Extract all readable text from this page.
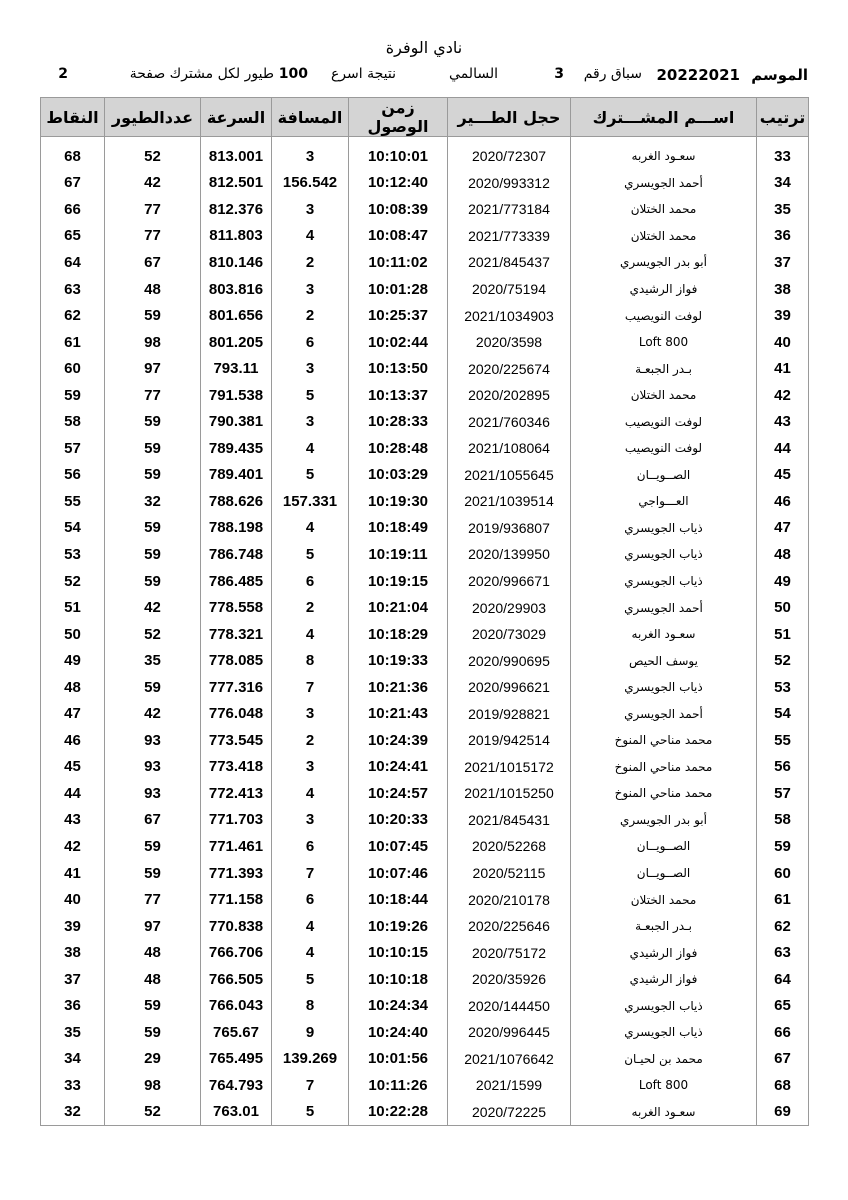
نادي الوفرة
الموسم
20222021
سباق رقم
3
السالمي
نتيجة اسرع
100
طيور لكل مشترك صفحة
2
ترتيب	اســـم المشـــترك	حجل الطـــير	زمن الوصول	المسافة	السرعة	عددالطيور	النقاط

33	سعـود الغربه	2020/72307	10:10:01	3	813.001	52	68
34	أحمد الجويسري	2020/993312	10:12:40	156.542	812.501	42	67
35	محمد الختلان	2021/773184	10:08:39	3	812.376	77	66
36	محمد الختلان	2021/773339	10:08:47	4	811.803	77	65
37	أبو بدر الجويسري	2021/845437	10:11:02	2	810.146	67	64
38	فواز الرشيدي	2020/75194	10:01:28	3	803.816	48	63
39	لوفت النويصيب	2021/1034903	10:25:37	2	801.656	59	62
40	Loft 800	2020/3598	10:02:44	6	801.205	98	61
41	بـدر الجبعـة	2020/225674	10:13:50	3	793.11	97	60
42	محمد الختلان	2020/202895	10:13:37	5	791.538	77	59
43	لوفت النويصيب	2021/760346	10:28:33	3	790.381	59	58
44	لوفت النويصيب	2021/108064	10:28:48	4	789.435	59	57
45	الصــويــان	2021/1055645	10:03:29	5	789.401	59	56
46	العـــواجي	2021/1039514	10:19:30	157.331	788.626	32	55
47	ذياب الجويسري	2019/936807	10:18:49	4	788.198	59	54
48	ذياب الجويسري	2020/139950	10:19:11	5	786.748	59	53
49	ذياب الجويسري	2020/996671	10:19:15	6	786.485	59	52
50	أحمد الجويسري	2020/29903	10:21:04	2	778.558	42	51
51	سعـود الغربه	2020/73029	10:18:29	4	778.321	52	50
52	يوسف الحيص	2020/990695	10:19:33	8	778.085	35	49
53	ذياب الجويسري	2020/996621	10:21:36	7	777.316	59	48
54	أحمد الجويسري	2019/928821	10:21:43	3	776.048	42	47
55	محمد مناحي المنوخ	2019/942514	10:24:39	2	773.545	93	46
56	محمد مناحي المنوخ	2021/1015172	10:24:41	3	773.418	93	45
57	محمد مناحي المنوخ	2021/1015250	10:24:57	4	772.413	93	44
58	أبو بدر الجويسري	2021/845431	10:20:33	3	771.703	67	43
59	الصــويــان	2020/52268	10:07:45	6	771.461	59	42
60	الصــويــان	2020/52115	10:07:46	7	771.393	59	41
61	محمد الختلان	2020/210178	10:18:44	6	771.158	77	40
62	بـدر الجبعـة	2020/225646	10:19:26	4	770.838	97	39
63	فواز الرشيدي	2020/75172	10:10:15	4	766.706	48	38
64	فواز الرشيدي	2020/35926	10:10:18	5	766.505	48	37
65	ذياب الجويسري	2020/144450	10:24:34	8	766.043	59	36
66	ذياب الجويسري	2020/996445	10:24:40	9	765.67	59	35
67	محمد بن لحيـان	2021/1076642	10:01:56	139.269	765.495	29	34
68	Loft 800	2021/1599	10:11:26	7	764.793	98	33
69	سعـود الغربه	2020/72225	10:22:28	5	763.01	52	32
